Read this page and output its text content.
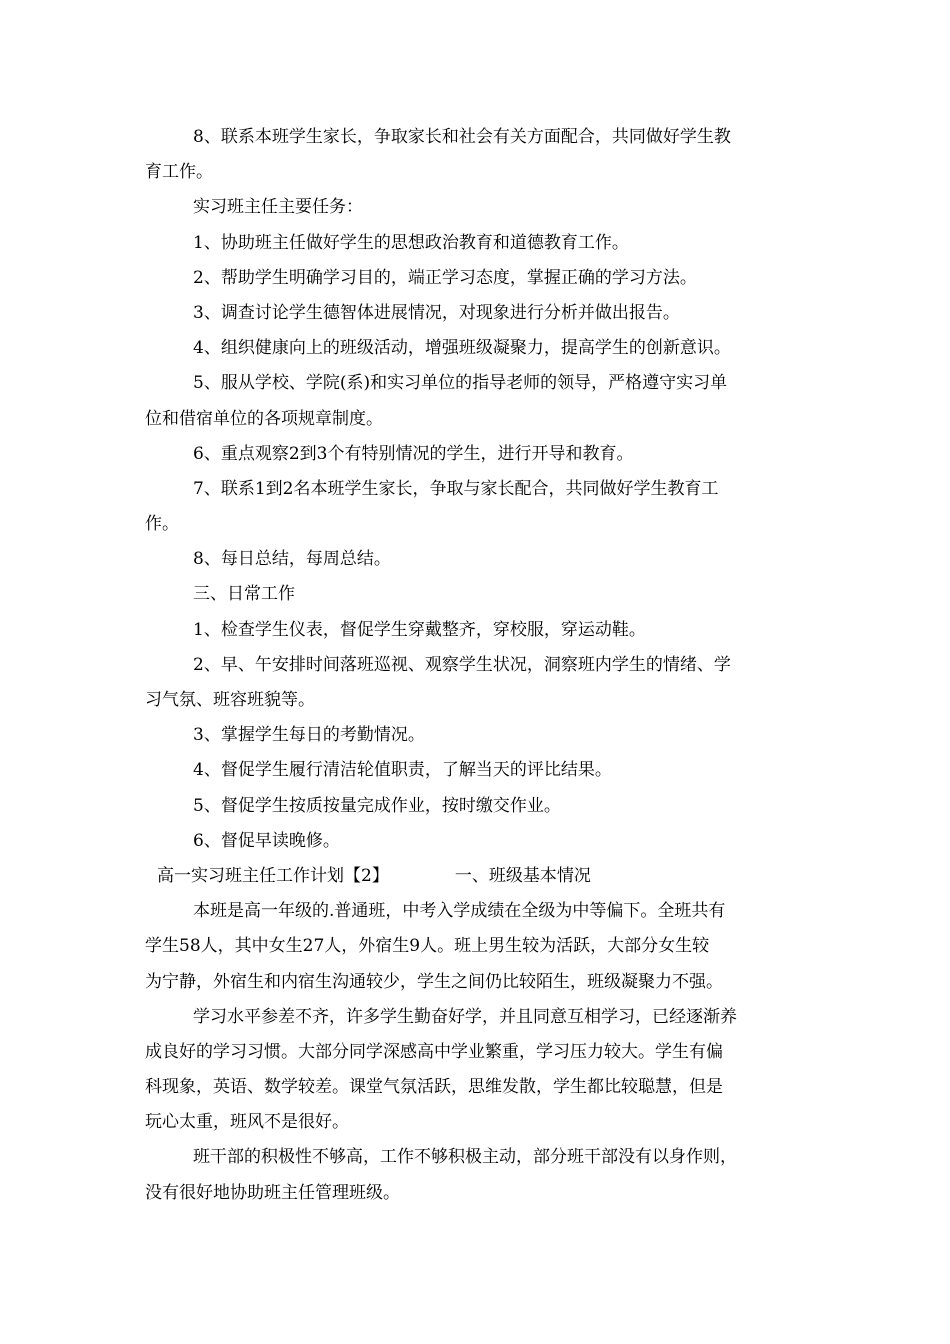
8、联系本班学生家长，争取家长和社会有关方面配合，共同做好学生教
育工作。
实习班主任主要任务：
1、协助班主任做好学生的思想政治教育和道德教育工作。
2、帮助学生明确学习目的，端正学习态度，掌握正确的学习方法。
3、调查讨论学生德智体进展情况，对现象进行分析并做出报告。
4、组织健康向上的班级活动，增强班级凝聚力，提高学生的创新意识。
5、服从学校、学院(系)和实习单位的指导老师的领导，严格遵守实习单
位和借宿单位的各项规章制度。
6、重点观察2到3个有特别情况的学生，进行开导和教育。
7、联系1到2名本班学生家长，争取与家长配合，共同做好学生教育工
作。
8、每日总结，每周总结。
三、日常工作
1、检查学生仪表，督促学生穿戴整齐，穿校服，穿运动鞋。
2、早、午安排时间落班巡视、观察学生状况，洞察班内学生的情绪、学
习气氛、班容班貌等。
3、掌握学生每日的考勤情况。
4、督促学生履行清洁轮值职责，了解当天的评比结果。
5、督促学生按质按量完成作业，按时缴交作业。
6、督促早读晚修。
高一实习班主任工作计划【2】	一、班级基本情况
本班是高一年级的.普通班，中考入学成绩在全级为中等偏下。全班共有
学生58人，其中女生27人，外宿生9人。班上男生较为活跃，大部分女生较
为宁静，外宿生和内宿生沟通较少，学生之间仍比较陌生，班级凝聚力不强。
学习水平参差不齐，许多学生勤奋好学，并且同意互相学习，已经逐渐养
成良好的学习习惯。大部分同学深感高中学业繁重，学习压力较大。学生有偏
科现象，英语、数学较差。课堂气氛活跃，思维发散，学生都比较聪慧，但是
玩心太重，班风不是很好。
班干部的积极性不够高，工作不够积极主动，部分班干部没有以身作则，
没有很好地协助班主任管理班级。
